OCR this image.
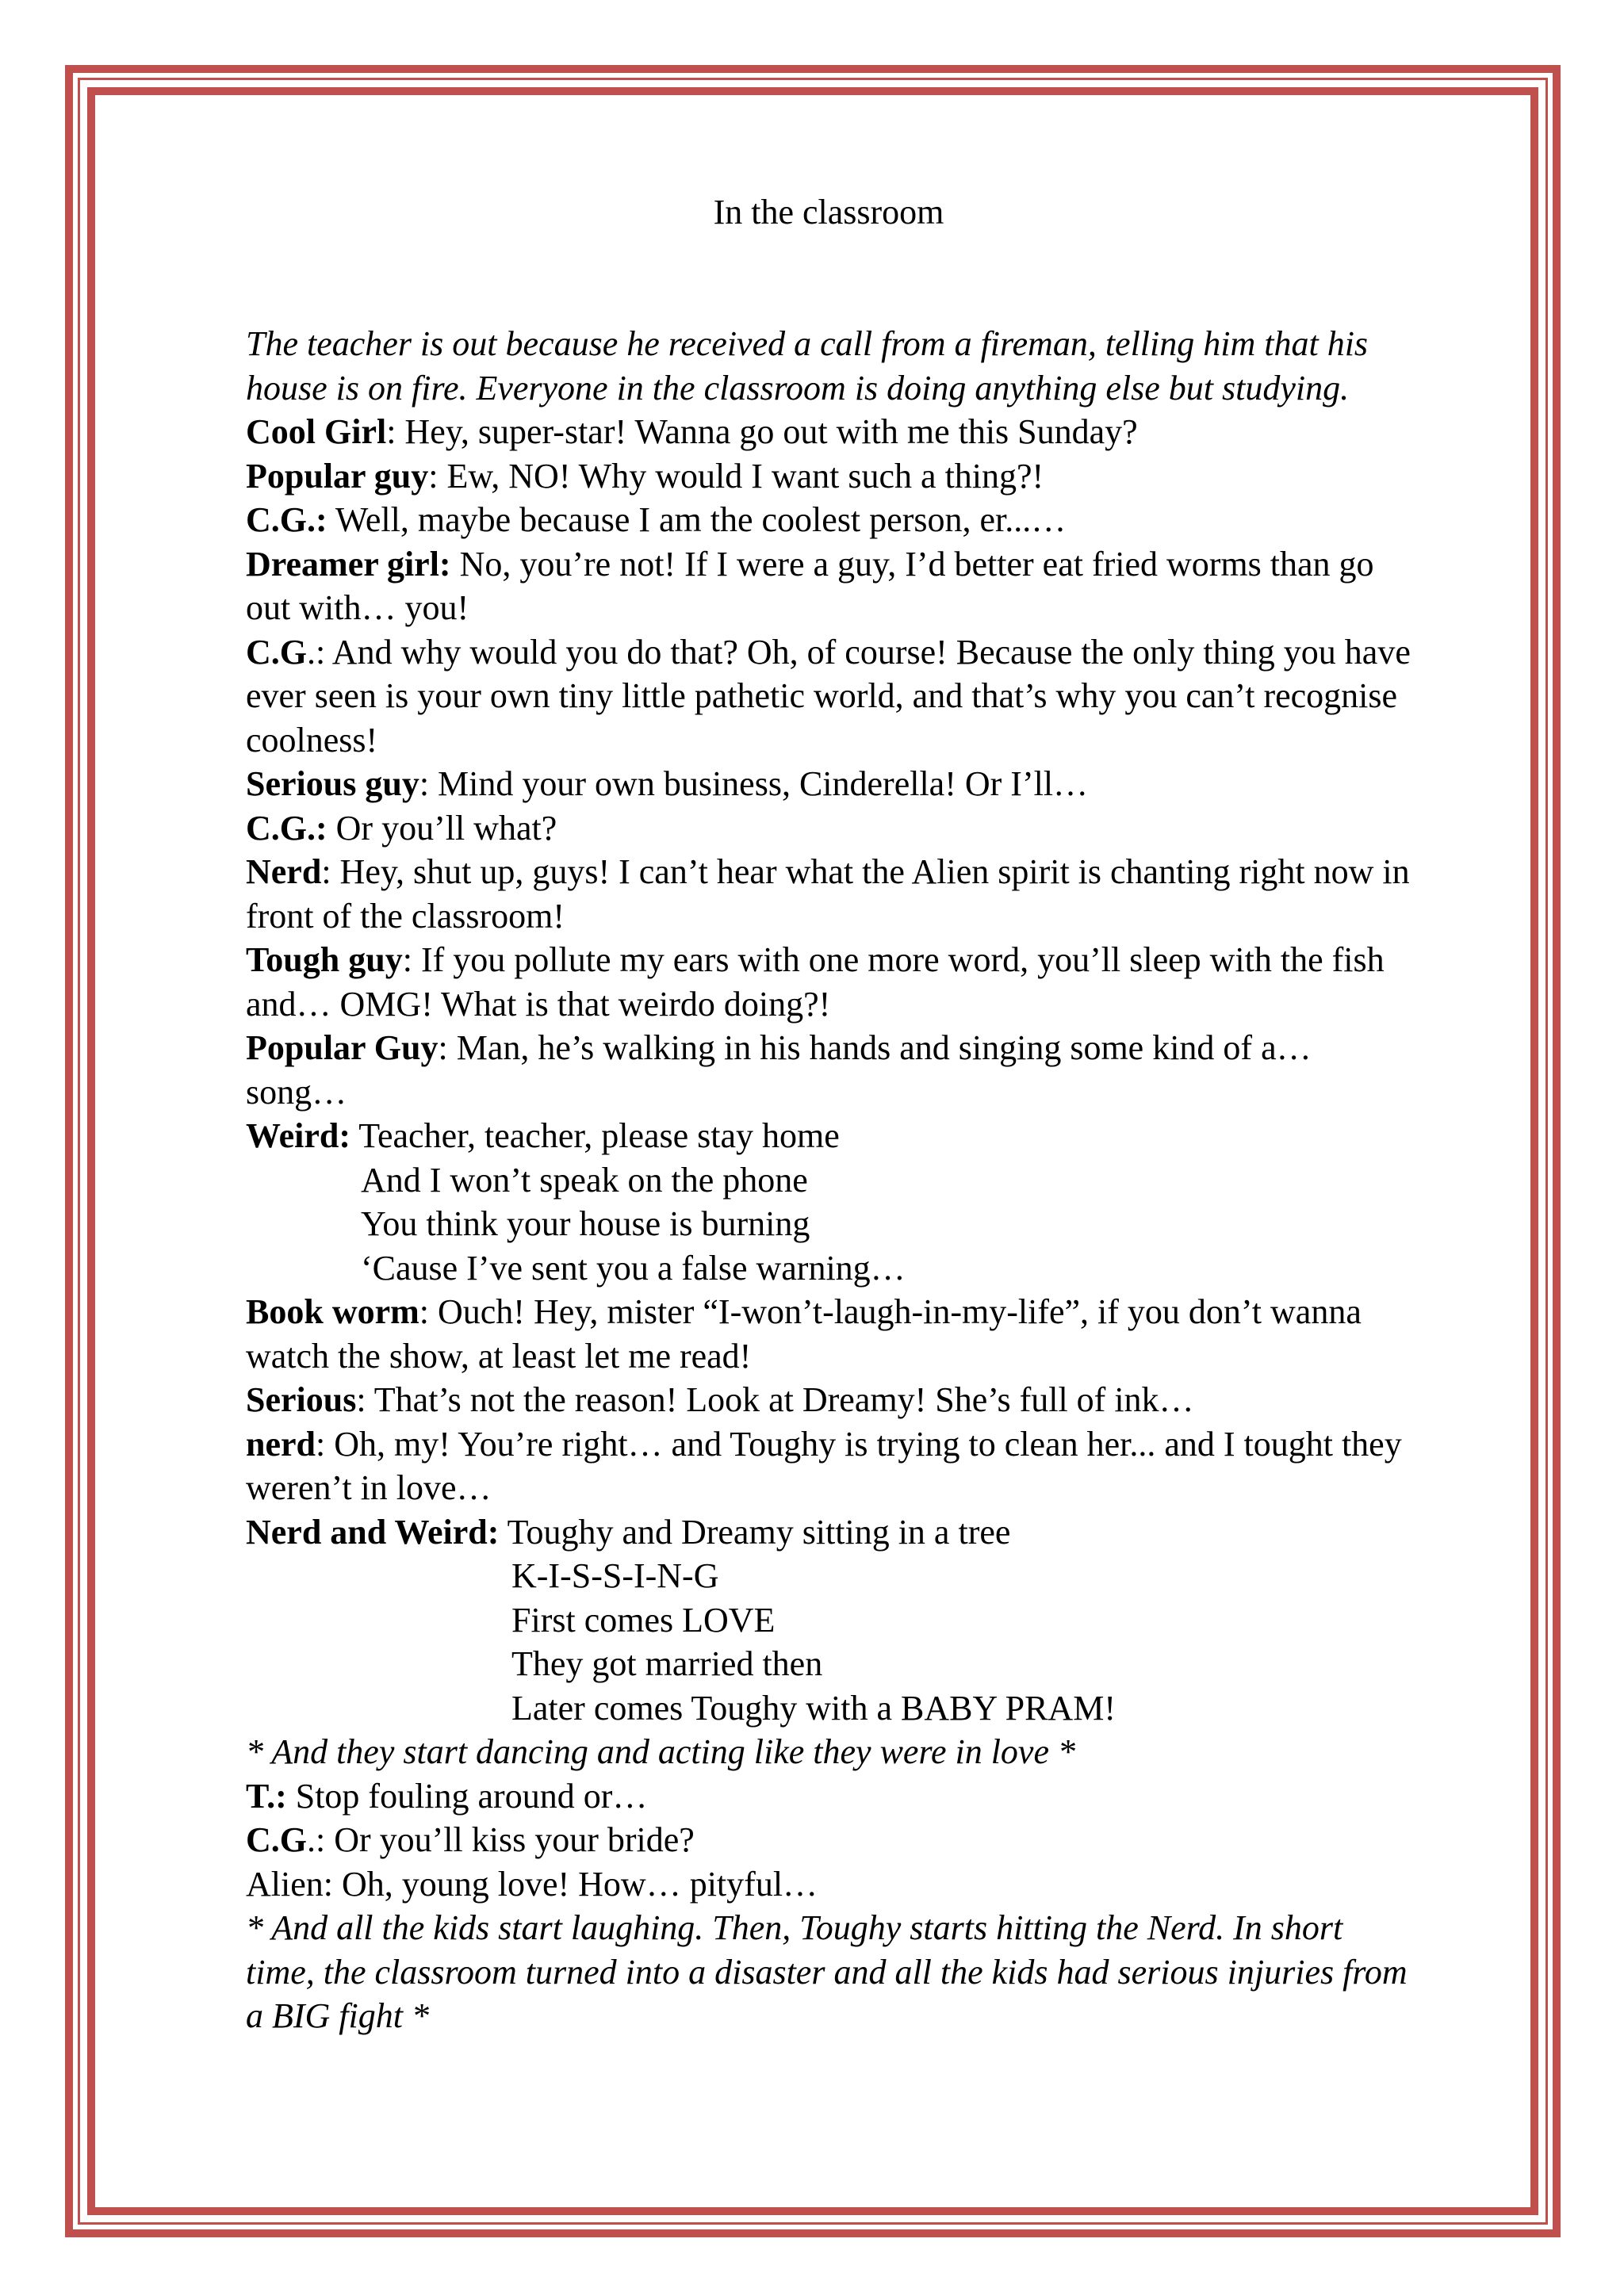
In the classroom

The teacher is out because he received a call from a fireman, telling him that his house is on fire. Everyone in the classroom is doing anything else but studying.

Cool Girl: Hey, super-star! Wanna go out with me this Sunday?

Popular guy: Ew, NO! Why would I want such a thing?!

C.G.: Well, maybe because I am the coolest person, er...…

Dreamer girl: No, you’re not! If I were a guy, I’d better eat fried worms than go out with… you!

C.G.: And why would you do that? Oh, of course! Because the only thing you have ever seen is your own tiny little pathetic world, and that’s why you can’t recognise coolness!

Serious guy: Mind your own business, Cinderella! Or I’ll…

C.G.: Or you’ll what?

Nerd: Hey, shut up, guys! I can’t hear what the Alien spirit is chanting right now in front of the classroom!

Tough guy: If you pollute my ears with one more word, you’ll sleep with the fish and… OMG! What is that weirdo doing?!

Popular Guy: Man, he’s walking in his hands and singing some kind of a… song…

Weird: Teacher, teacher, please stay home

And I won’t speak on the phone

You think your house is burning

‘Cause I’ve sent you a false warning…

Book worm: Ouch! Hey, mister “I-won’t-laugh-in-my-life”, if you don’t wanna watch the show, at least let me read!

Serious: That’s not the reason! Look at Dreamy! She’s full of ink…

nerd: Oh, my! You’re right… and Toughy is trying to clean her... and I tought they weren’t in love…

Nerd and Weird: Toughy and Dreamy sitting in a tree

K-I-S-S-I-N-G

First comes LOVE

They got married then

Later comes Toughy with a BABY PRAM!

* And they start dancing and acting like they were in love *

T.: Stop fouling around or…

C.G.: Or you’ll kiss your bride?

Alien: Oh, young love! How… pityful…

* And all the kids start laughing. Then, Toughy starts hitting the Nerd. In short time, the classroom turned into a disaster and all the kids had serious injuries from a BIG fight *
